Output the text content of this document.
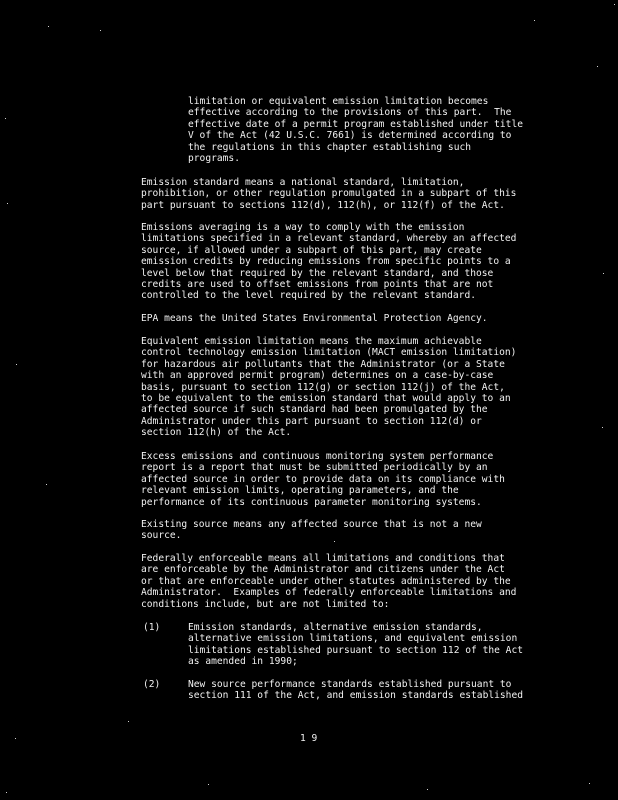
limitation or equivalent emission limitation becomes
effective according to the provisions of this part.  The
effective date of a permit program established under title
V of the Act (42 U.S.C. 7661) is determined according to
the regulations in this chapter establishing such
programs.
Emission standard means a national standard, limitation,
prohibition, or other regulation promulgated in a subpart of this
part pursuant to sections 112(d), 112(h), or 112(f) of the Act.
Emissions averaging is a way to comply with the emission
limitations specified in a relevant standard, whereby an affected
source, if allowed under a subpart of this part, may create
emission credits by reducing emissions from specific points to a
level below that required by the relevant standard, and those
credits are used to offset emissions from points that are not
controlled to the level required by the relevant standard.
EPA means the United States Environmental Protection Agency.
Equivalent emission limitation means the maximum achievable
control technology emission limitation (MACT emission limitation)
for hazardous air pollutants that the Administrator (or a State
with an approved permit program) determines on a case-by-case
basis, pursuant to section 112(g) or section 112(j) of the Act,
to be equivalent to the emission standard that would apply to an
affected source if such standard had been promulgated by the
Administrator under this part pursuant to section 112(d) or
section 112(h) of the Act.
Excess emissions and continuous monitoring system performance
report is a report that must be submitted periodically by an
affected source in order to provide data on its compliance with
relevant emission limits, operating parameters, and the
performance of its continuous parameter monitoring systems.
Existing source means any affected source that is not a new
source.
Federally enforceable means all limitations and conditions that
are enforceable by the Administrator and citizens under the Act
or that are enforceable under other statutes administered by the
Administrator.  Examples of federally enforceable limitations and
conditions include, but are not limited to:
(1)	Emission standards, alternative emission standards,
alternative emission limitations, and equivalent emission
limitations established pursuant to section 112 of the Act
as amended in 1990;
(2)	New source performance standards established pursuant to
section 111 of the Act, and emission standards established
1 9
